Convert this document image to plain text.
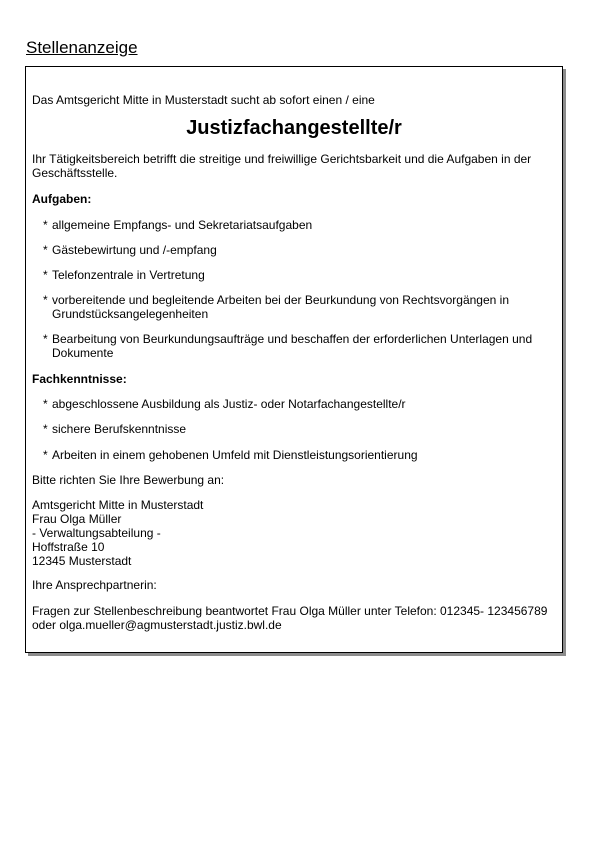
Stellenanzeige
Das Amtsgericht Mitte in Musterstadt sucht ab sofort einen / eine
Justizfachangestellte/r
Ihr Tätigkeitsbereich betrifft die streitige und freiwillige Gerichtsbarkeit und die Aufgaben in der
Geschäftsstelle.
Aufgaben:
* allgemeine Empfangs- und Sekretariatsaufgaben
* Gästebewirtung und /-empfang
* Telefonzentrale in Vertretung
* vorbereitende und begleitende Arbeiten bei der Beurkundung von Rechtsvorgängen in
Grundstücksangelegenheiten
* Bearbeitung von Beurkundungsaufträge und beschaffen der erforderlichen Unterlagen und
Dokumente
Fachkenntnisse:
* abgeschlossene Ausbildung als Justiz- oder Notarfachangestellte/r
* sichere Berufskenntnisse
* Arbeiten in einem gehobenen Umfeld mit Dienstleistungsorientierung
Bitte richten Sie Ihre Bewerbung an:
Amtsgericht Mitte in Musterstadt
Frau Olga Müller
- Verwaltungsabteilung -
Hoffstraße 10
12345 Musterstadt
Ihre Ansprechpartnerin:
Fragen zur Stellenbeschreibung beantwortet Frau Olga Müller unter Telefon: 012345- 123456789
oder olga.mueller@agmusterstadt.justiz.bwl.de
